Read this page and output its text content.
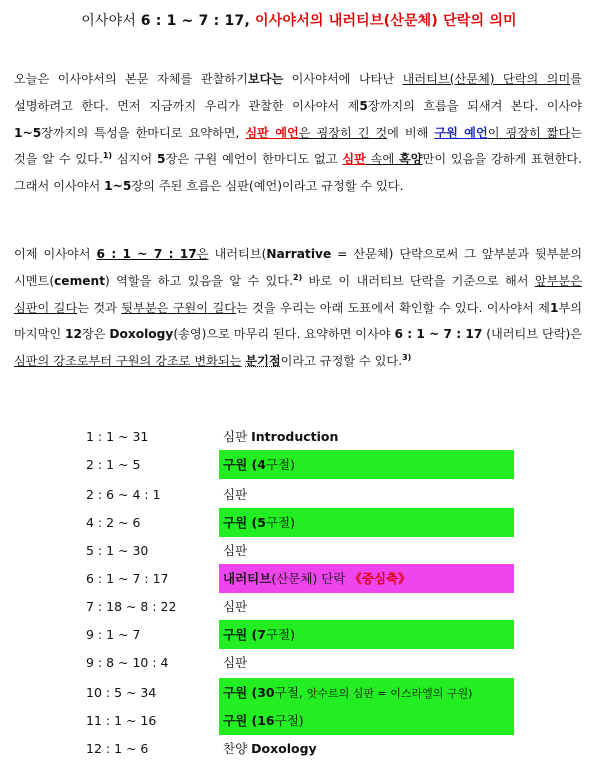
이사야서 6 : 1 ~ 7 : 17, 이사야서의 내러티브(산문체) 단락의 의미
오늘은 이사야서의 본문 자체를 관찰하기보다는 이사야서에 나타난 내러티브(산문체) 단락의 의미를 설명하려고 한다. 먼저 지금까지 우리가 관찰한 이사야서 제5장까지의 흐름을 되새겨 본다. 이사야 1~5장까지의 특성을 한마디로 요약하면, 심판 예언은 굉장히 긴 것에 비해 구원 예언이 굉장히 짧다는 것을 알 수 있다.$^{1)}$ 심지어 5장은 구원 예언이 한마디도 없고 심판 속에 혹양만이 있음을 강하게 표현한다. 그래서 이사야서 1~5장의 주된 흐름은 심판(예언)이라고 규정할 수 있다.
이제 이사야서 6 : 1 ~ 7 : 17은 내러티브(Narrative = 산문체) 단락으로써 그 앞부분과 뒷부분의 시멘트(cement) 역할을 하고 있음을 알 수 있다.$^{2)}$ 바로 이 내러티브 단락을 기준으로 해서 앞부분은 심판이 길다는 것과 뒷부분은 구원이 길다는 것을 우리는 아래 도표에서 확인할 수 있다. 이사야서 제1부의 마지막인 12장은 Doxology(송영)으로 마무리 된다. 요약하면 이사야 6 : 1 ~ 7 : 17 (내러티브 단락)은 심판의 강조로부터 구원의 강조로 변화되는 분기점이라고 규정할 수 있다.$^{3)}$
1 : 1 ~ 31	심판 Introduction
2 : 1 ~ 5	구원 (4구절)
2 : 6 ~ 4 : 1	심판
4 : 2 ~ 6	구원 (5구절)
5 : 1 ~ 30	심판
6 : 1 ~ 7 : 17	내러티브(산문체) 단락 《중심축》
7 : 18 ~ 8 : 22	심판
9 : 1 ~ 7	구원 (7구절)
9 : 8 ~ 10 : 4	심판
10 : 5 ~ 34	구원 (30구절, 앗수르의 심판 = 이스라엘의 구원)
11 : 1 ~ 16	구원 (16구절)
12 : 1 ~ 6	찬양 Doxology
